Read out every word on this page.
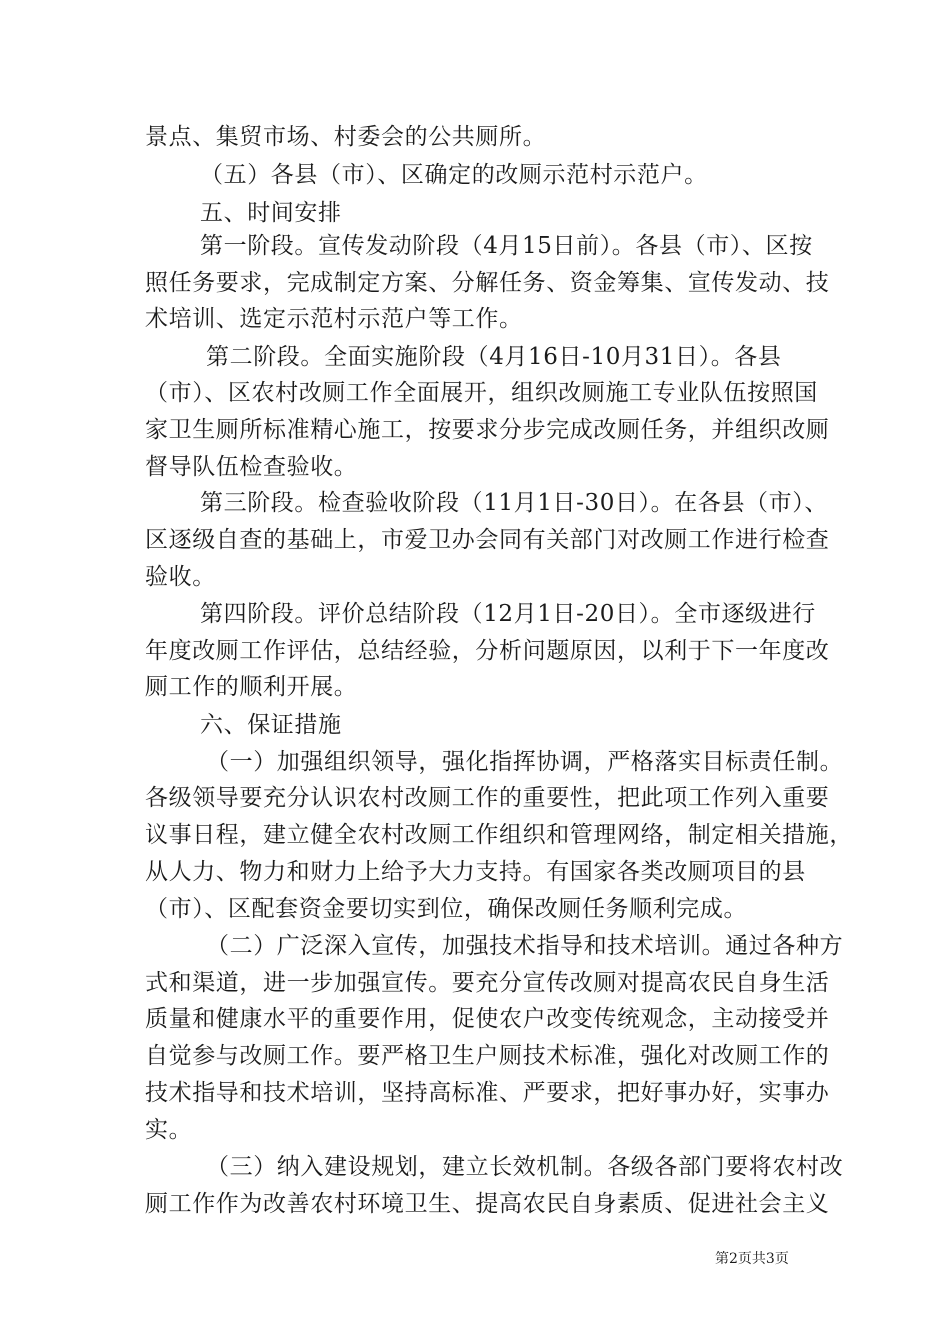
景点、集贸市场、村委会的公共厕所。
（五）各县（市）、区确定的改厕示范村示范户。
五、时间安排
第一阶段。宣传发动阶段（4月15日前）。各县（市）、区按
照任务要求，完成制定方案、分解任务、资金筹集、宣传发动、技
术培训、选定示范村示范户等工作。
第二阶段。全面实施阶段（4月16日-10月31日）。各县
（市）、区农村改厕工作全面展开，组织改厕施工专业队伍按照国
家卫生厕所标准精心施工，按要求分步完成改厕任务，并组织改厕
督导队伍检查验收。
第三阶段。检查验收阶段（11月1日-30日）。在各县（市）、
区逐级自查的基础上，市爱卫办会同有关部门对改厕工作进行检查
验收。
第四阶段。评价总结阶段（12月1日-20日）。全市逐级进行
年度改厕工作评估，总结经验，分析问题原因，以利于下一年度改
厕工作的顺利开展。
六、保证措施
（一）加强组织领导，强化指挥协调，严格落实目标责任制。
各级领导要充分认识农村改厕工作的重要性，把此项工作列入重要
议事日程，建立健全农村改厕工作组织和管理网络，制定相关措施，
从人力、物力和财力上给予大力支持。有国家各类改厕项目的县
（市）、区配套资金要切实到位，确保改厕任务顺利完成。
（二）广泛深入宣传，加强技术指导和技术培训。通过各种方
式和渠道，进一步加强宣传。要充分宣传改厕对提高农民自身生活
质量和健康水平的重要作用，促使农户改变传统观念，主动接受并
自觉参与改厕工作。要严格卫生户厕技术标准，强化对改厕工作的
技术指导和技术培训，坚持高标准、严要求，把好事办好，实事办
实。
（三）纳入建设规划，建立长效机制。各级各部门要将农村改
厕工作作为改善农村环境卫生、提高农民自身素质、促进社会主义
第2页共3页
